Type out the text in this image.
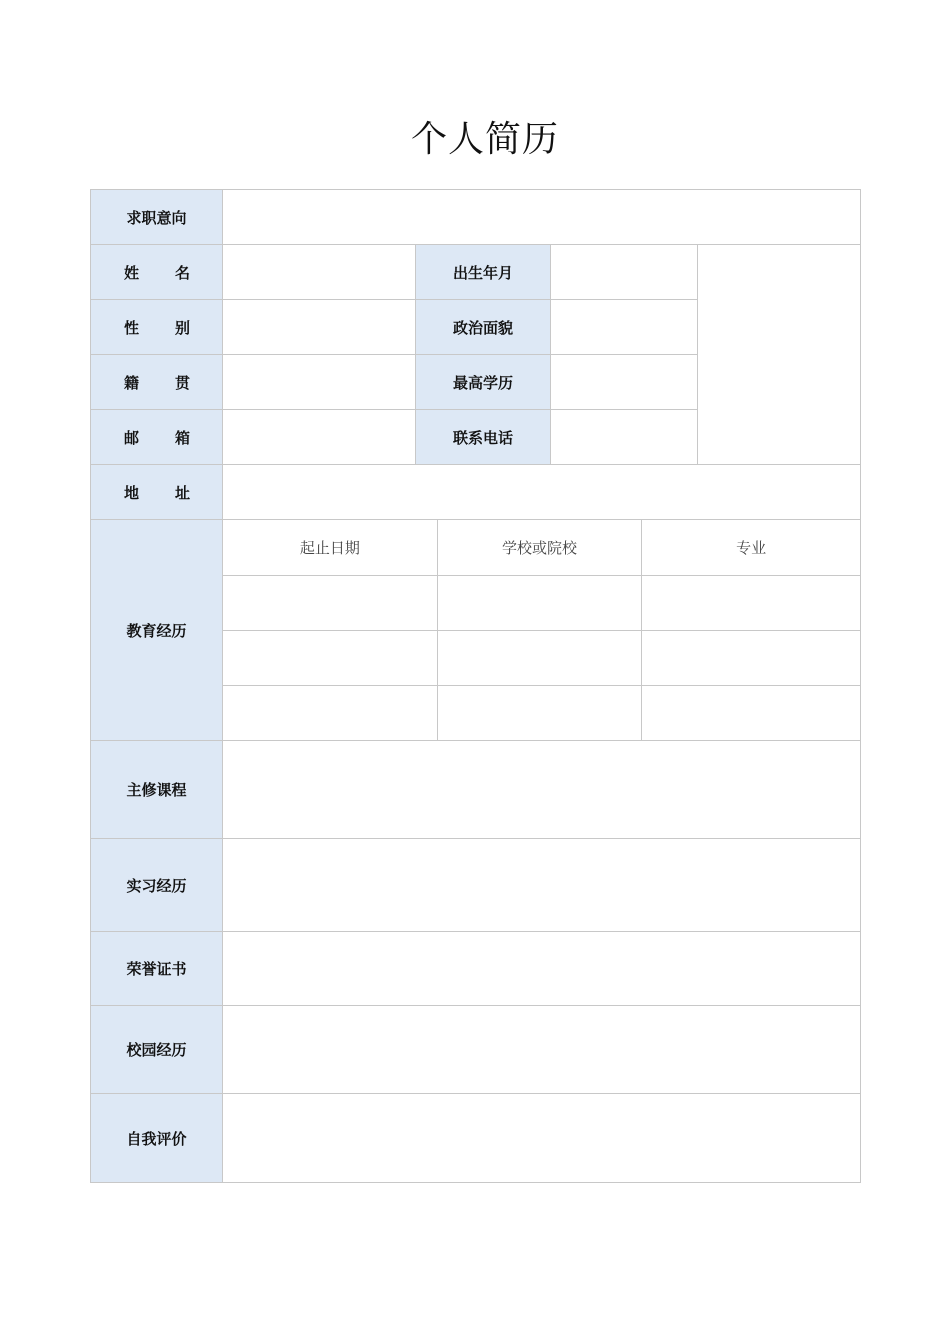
个人简历
求职意向	

姓 名		出生年月		

性 别		政治面貌	

籍 贯		最高学历	

邮 箱		联系电话	

地 址

教育经历	
起止日期	学校或院校	专业

主修课程	
实习经历	
荣誉证书	
校园经历	
自我评价	
